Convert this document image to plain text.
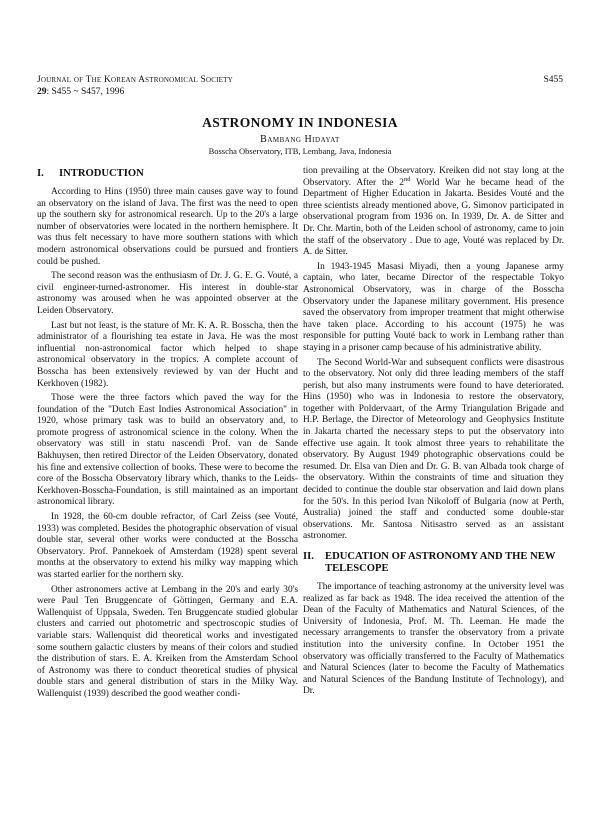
Journal of The Korean Astronomical Society
29: S455 ~ S457, 1996
S455
ASTRONOMY IN INDONESIA
Bambang Hidayat
Bosscha Observatory, ITB, Lembang, Java, Indonesia
I.	INTRODUCTION

According to Hins (1950) three main causes gave way to found an observatory on the island of Java. The first was the need to open up the southern sky for astronomical research. Up to the 20's a large number of observatories were located in the northern hemisphere. It was thus felt necessary to have more southern stations with which modern astronomical observations could be pursued and frontiers could be pushed.

The second reason was the enthusiasm of Dr. J. G. E. G. Vouté, a civil engineer-turned-astronomer. His interest in double-star astronomy was aroused when he was appointed observer at the Leiden Observatory.

Last but not least, is the stature of Mr. K. A. R. Bosscha, then the administrator of a flourishing tea estate in Java. He was the most influential non-astronomical factor which helped to shape astronomical observatory in the tropics. A complete account of Bosscha has been extensively reviewed by van der Hucht and Kerkhoven (1982).

Those were the three factors which paved the way for the foundation of the "Dutch East Indies Astronomical Association" in 1920, whose primary task was to build an observatory and, to promote progress of astronomical science in the colony. When the observatory was still in statu nascendi Prof. van de Sande Bakhuysen, then retired Director of the Leiden Observatory, donated his fine and extensive collection of books. These were to become the core of the Bosscha Observatory library which, thanks to the Leids-Kerkhoven-Bosscha-Foundation, is still maintained as an important astronomical library.

In 1928, the 60-cm double refractor, of Carl Zeiss (see Vouté, 1933) was completed. Besides the photographic observation of visual double star, several other works were conducted at the Bosscha Observatory. Prof. Pannekoek of Amsterdam (1928) spent several months at the observatory to extend his milky way mapping which was started earlier for the northern sky.

Other astronomers active at Lembang in the 20's and early 30's were Paul Ten Bruggencate of Göttingen, Germany and E.A. Wallenquist of Uppsala, Sweden. Ten Bruggencate studied globular clusters and carried out photometric and spectroscopic studies of variable stars. Wallenquist did theoretical works and investigated some southern galactic clusters by means of their colors and studied the distribution of stars. E. A. Kreiken from the Amsterdam School of Astronomy was there to conduct theoretical studies of physical double stars and general distribution of stars in the Milky Way. Wallenquist (1939) described the good weather condi-

tion prevailing at the Observatory. Kreiken did not stay long at the Observatory. After the 2nd World War he became head of the Department of Higher Education in Jakarta. Besides Vouté and the three scientists already mentioned above, G. Simonov participated in observational program from 1936 on. In 1939, Dr. A. de Sitter and Dr. Chr. Martin, both of the Leiden school of astronomy, came to join the staff of the observatory . Due to age, Vouté was replaced by Dr. A. de Sitter.

In 1943-1945 Masasi Miyadi, then a young Japanese army captain, who later, became Director of the respectable Tokyo Astronomical Observatory, was in charge of the Bosscha Observatory under the Japanese military government. His presence saved the observatory from improper treatment that might otherwise have taken place. According to his account (1975) he was responsible for putting Vouté back to work in Lembang rather than staying in a prisoner camp because of his administrative ability.

The Second World-War and subsequent conflicts were disastrous to the observatory. Not only did three leading members of the staff perish, but also many instruments were found to have deteriorated. Hins (1950) who was in Indonesia to restore the observatory, together with Poldervaart, of the Army Triangulation Brigade and H.P. Berlage, the Director of Meteorology and Geophysics Institute in Jakarta charted the necessary steps to put the observatory into effective use again. It took almost three years to rehabilitate the observatory. By August 1949 photographic observations could be resumed. Dr. Elsa van Dien and Dr. G. B. van Albada took charge of the observatory. Within the constraints of time and situation they decided to continue the double star observation and laid down plans for the 50's. In this period Ivan Nikoloff of Bulgaria (now at Perth, Australia) joined the staff and conducted some double-star observations. Mr. Santosa Nitisastro served as an assistant astronomer.

II.	EDUCATION OF ASTRONOMY AND THE NEW TELESCOPE

The importance of teaching astronomy at the university level was realized as far back as 1948. The idea received the attention of the Dean of the Faculty of Mathematics and Natural Sciences, of the University of Indonesia, Prof. M. Th. Leeman. He made the necessary arrangements to transfer the observatory from a private institution into the university confine. In October 1951 the observatory was officially transferred to the Faculty of Mathematics and Natural Sciences (later to become the Faculty of Mathematics and Natural Sciences of the Bandung Institute of Technology), and Dr.
